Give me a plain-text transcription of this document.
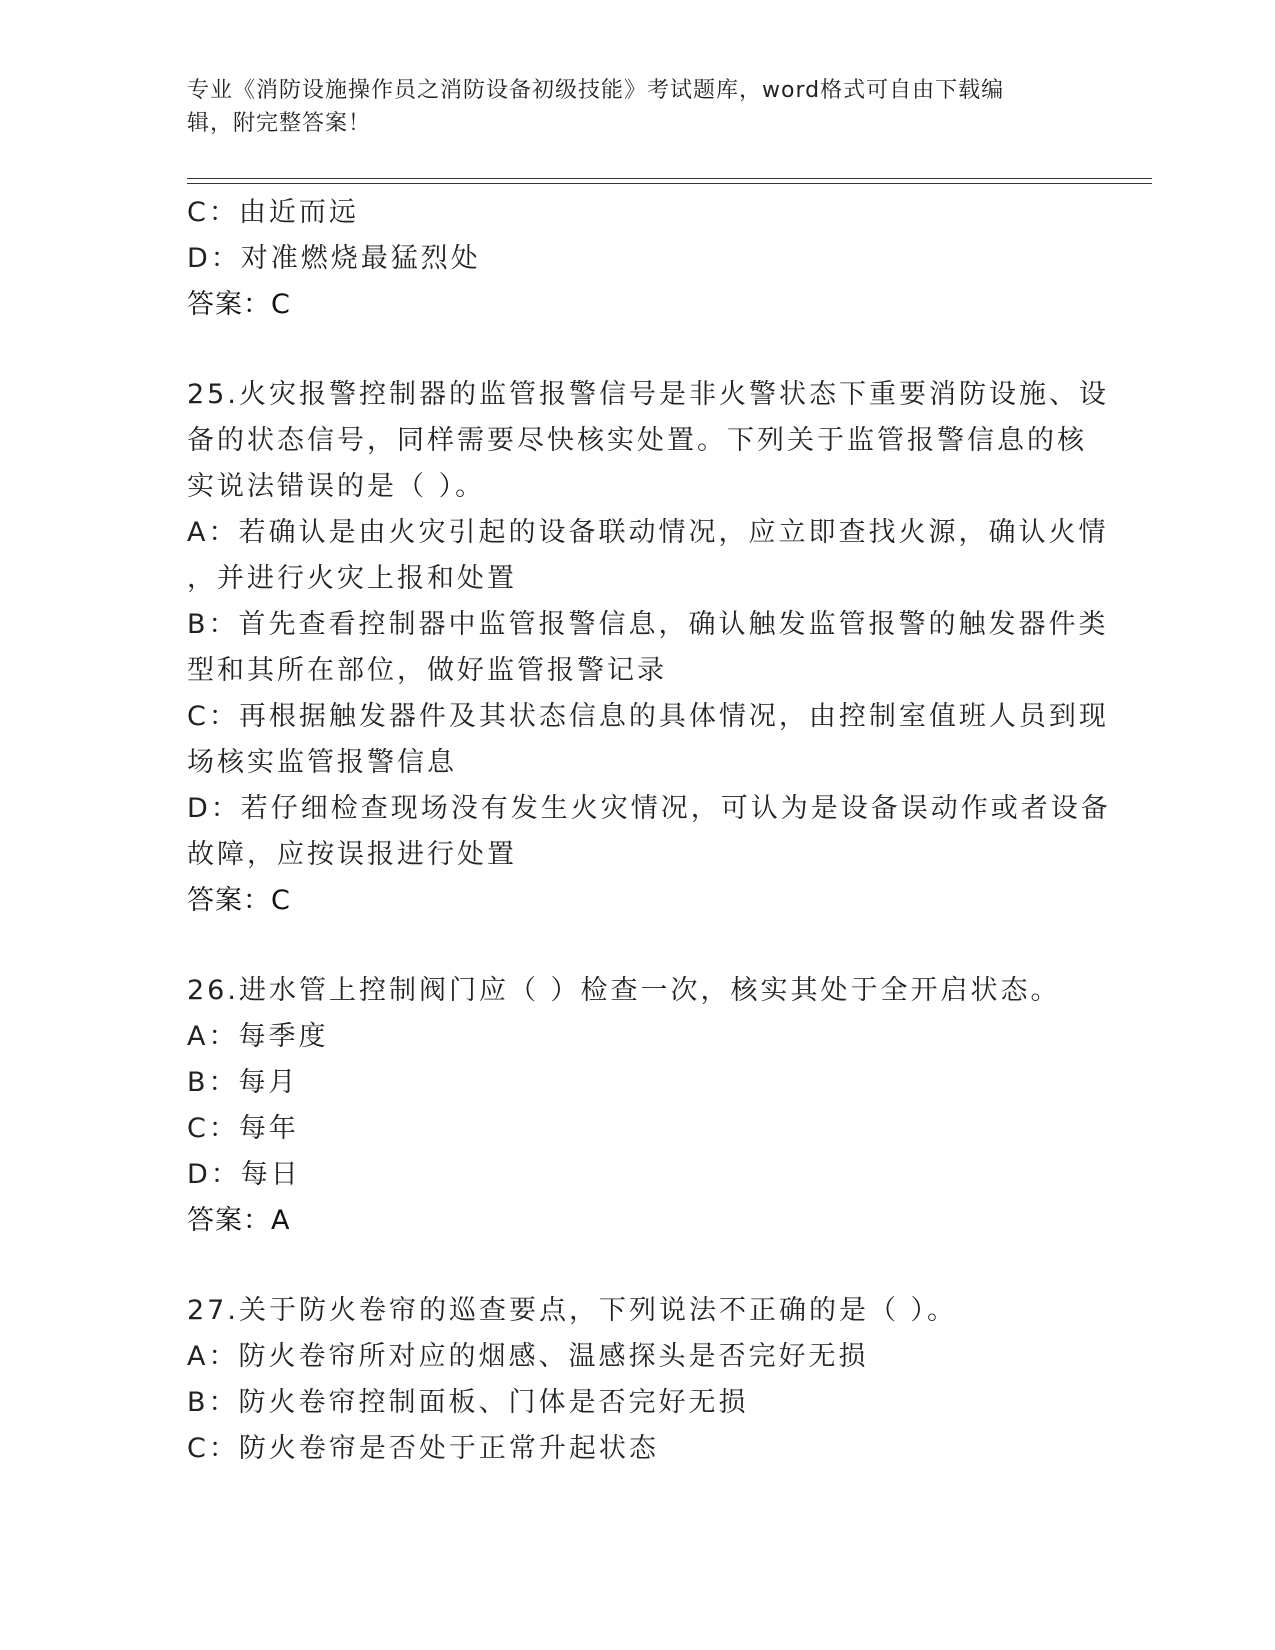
专业《消防设施操作员之消防设备初级技能》考试题库，word格式可自由下载编
辑，附完整答案！
C：由近而远
D：对准燃烧最猛烈处
答案：C
25.火灾报警控制器的监管报警信号是非火警状态下重要消防设施、设
备的状态信号，同样需要尽快核实处置。下列关于监管报警信息的核
实说法错误的是（ ）。
A：若确认是由火灾引起的设备联动情况，应立即查找火源，确认火情
，并进行火灾上报和处置
B：首先查看控制器中监管报警信息，确认触发监管报警的触发器件类
型和其所在部位，做好监管报警记录
C：再根据触发器件及其状态信息的具体情况，由控制室值班人员到现
场核实监管报警信息
D：若仔细检查现场没有发生火灾情况，可认为是设备误动作或者设备
故障，应按误报进行处置
答案：C
26.进水管上控制阀门应（ ）检查一次，核实其处于全开启状态。
A：每季度
B：每月
C：每年
D：每日
答案：A
27.关于防火卷帘的巡查要点，下列说法不正确的是（ ）。
A：防火卷帘所对应的烟感、温感探头是否完好无损
B：防火卷帘控制面板、门体是否完好无损
C：防火卷帘是否处于正常升起状态
